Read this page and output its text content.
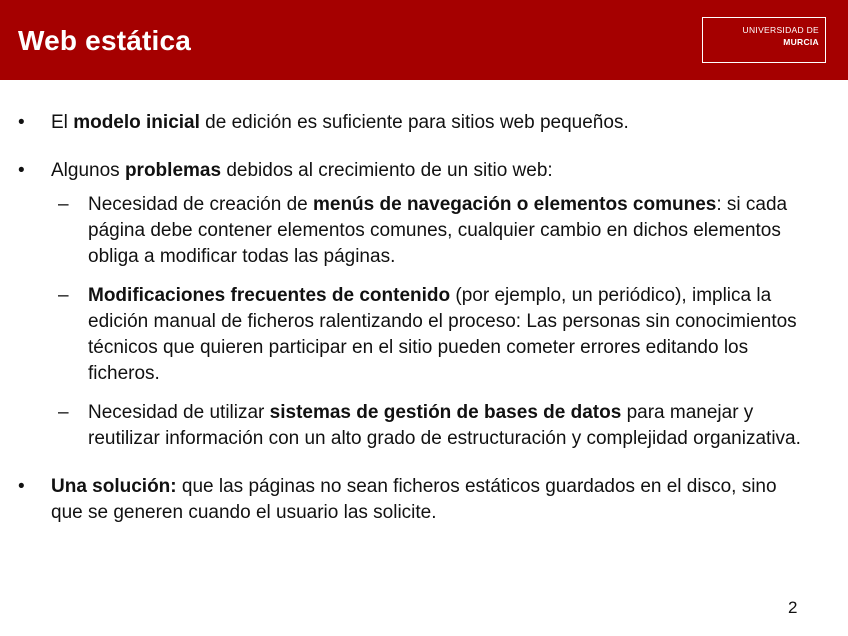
Web estática	UNIVERSIDAD DE
MURCIA

• El modelo inicial de edición es suficiente para sitios web pequeños.

• Algunos problemas debidos al crecimiento de un sitio web:

– Necesidad de creación de menús de navegación o elementos comunes: si cada página debe contener elementos comunes, cualquier cambio en dichos elementos obliga a modificar todas las páginas.

– Modificaciones frecuentes de contenido (por ejemplo, un periódico), implica la edición manual de ficheros ralentizando el proceso: Las personas sin conocimientos técnicos que quieren participar en el sitio pueden cometer errores editando los ficheros.

– Necesidad de utilizar sistemas de gestión de bases de datos para manejar y reutilizar información con un alto grado de estructuración y complejidad organizativa.

• Una solución: que las páginas no sean ficheros estáticos guardados en el disco, sino que se generen cuando el usuario las solicite.

2
